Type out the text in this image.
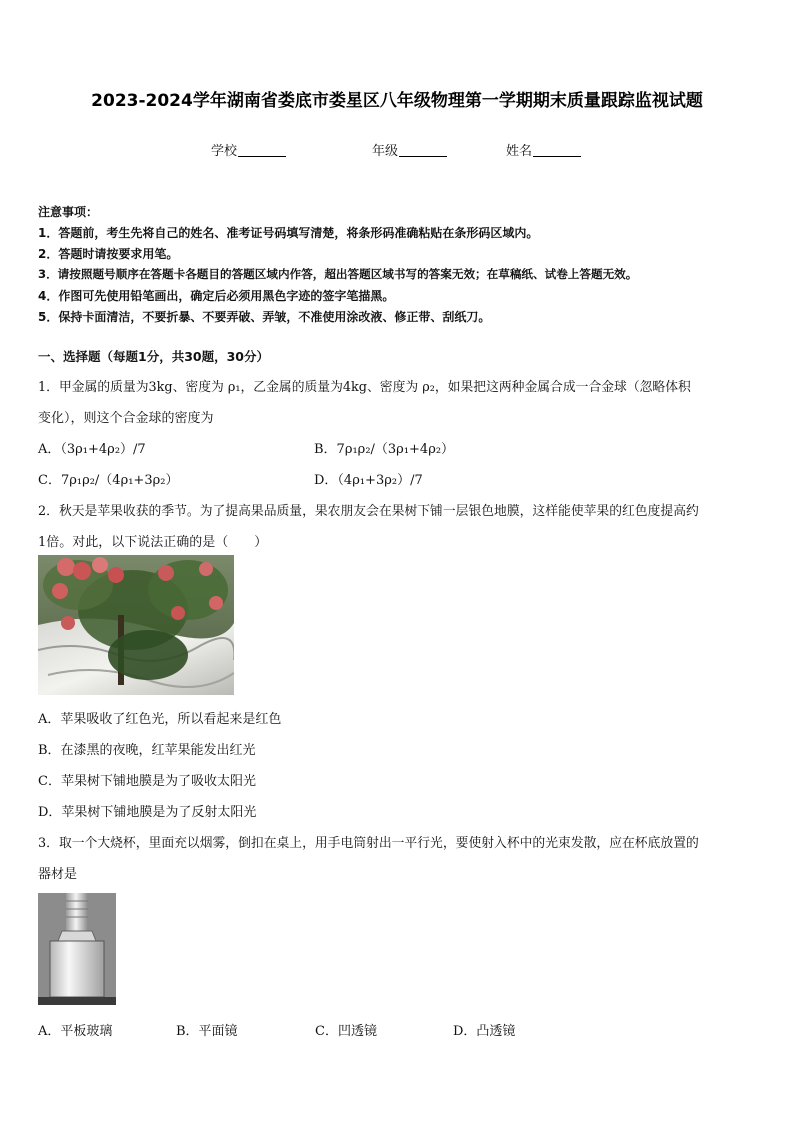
2023-2024学年湖南省娄底市娄星区八年级物理第一学期期末质量跟踪监视试题
学校	年级	姓名
注意事项：
1．答题前，考生先将自己的姓名、准考证号码填写清楚，将条形码准确粘贴在条形码区域内。
2．答题时请按要求用笔。
3．请按照题号顺序在答题卡各题目的答题区域内作答，超出答题区域书写的答案无效；在草稿纸、试卷上答题无效。
4．作图可先使用铅笔画出，确定后必须用黑色字迹的签字笔描黑。
5．保持卡面清洁，不要折暴、不要弄破、弄皱，不准使用涂改液、修正带、刮纸刀。
一、选择题（每题1分，共30题，30分）
1．甲金属的质量为3kg、密度为 ρ₁，乙金属的质量为4kg、密度为 ρ₂，如果把这两种金属合成一合金球（忽略体积
变化），则这个合金球的密度为
A．（3ρ₁+4ρ₂）/7	B．7ρ₁ρ₂/（3ρ₁+4ρ₂）
C．7ρ₁ρ₂/（4ρ₁+3ρ₂）	D．（4ρ₁+3ρ₂）/7
2．秋天是苹果收获的季节。为了提高果品质量，果农朋友会在果树下铺一层银色地膜，这样能使苹果的红色度提高约
1倍。对此，以下说法正确的是（　　）
A．苹果吸收了红色光，所以看起来是红色
B．在漆黑的夜晚，红苹果能发出红光
C．苹果树下铺地膜是为了吸收太阳光
D．苹果树下铺地膜是为了反射太阳光
3．取一个大烧杯，里面充以烟雾，倒扣在桌上，用手电筒射出一平行光，要使射入杯中的光束发散，应在杯底放置的
器材是
A．平板玻璃	B．平面镜	C．凹透镜	D．凸透镜
